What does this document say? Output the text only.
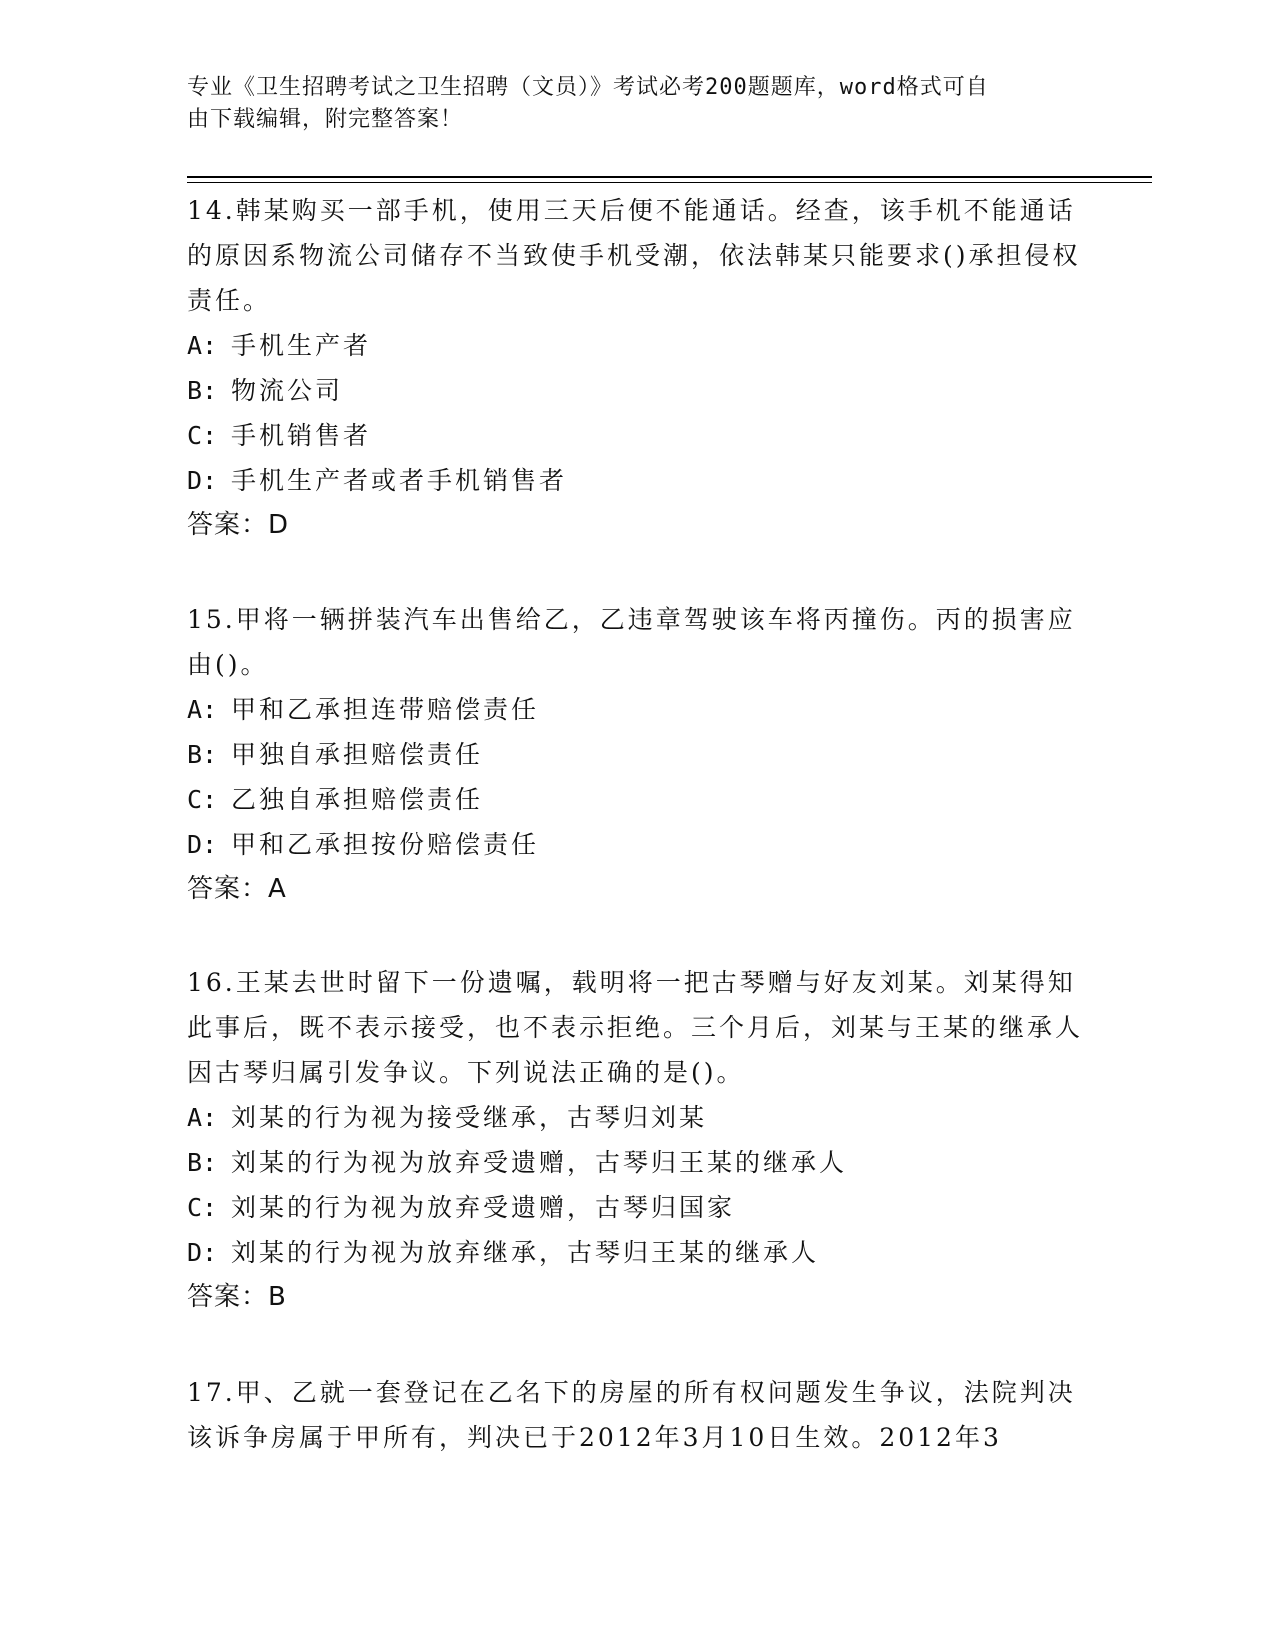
专业《卫生招聘考试之卫生招聘（文员）》考试必考200题题库，word格式可自
由下载编辑，附完整答案！

14.韩某购买一部手机，使用三天后便不能通话。经查，该手机不能通话的原因系物流公司储存不当致使手机受潮，依法韩某只能要求()承担侵权责任。

A: 手机生产者

B: 物流公司

C: 手机销售者

D: 手机生产者或者手机销售者

答案：D

15.甲将一辆拼装汽车出售给乙，乙违章驾驶该车将丙撞伤。丙的损害应由()。

A: 甲和乙承担连带赔偿责任

B: 甲独自承担赔偿责任

C: 乙独自承担赔偿责任

D: 甲和乙承担按份赔偿责任

答案：A

16.王某去世时留下一份遗嘱，载明将一把古琴赠与好友刘某。刘某得知此事后，既不表示接受，也不表示拒绝。三个月后，刘某与王某的继承人因古琴归属引发争议。下列说法正确的是()。

A: 刘某的行为视为接受继承，古琴归刘某

B: 刘某的行为视为放弃受遗赠，古琴归王某的继承人

C: 刘某的行为视为放弃受遗赠，古琴归国家

D: 刘某的行为视为放弃继承，古琴归王某的继承人

答案：B

17.甲、乙就一套登记在乙名下的房屋的所有权问题发生争议，法院判决该诉争房属于甲所有，判决已于2012年3月10日生效。2012年3
